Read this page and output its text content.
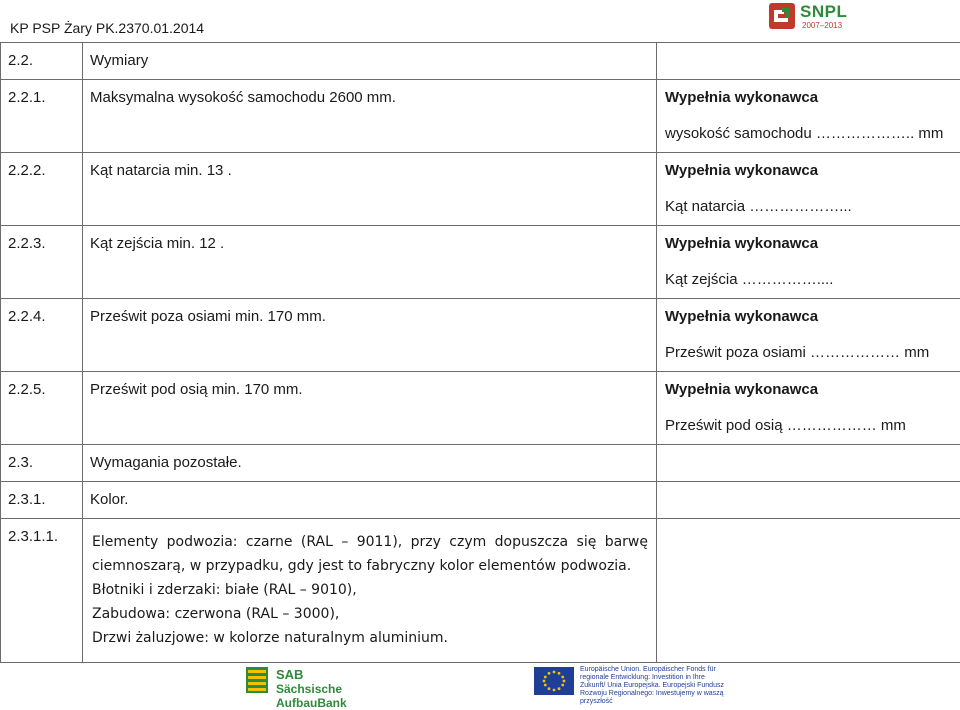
KP PSP Żary PK.2370.01.2014
SNPL
2007–2013
2.2.	Wymiary	

2.2.1.	Maksymalna wysokość samochodu 2600 mm.	Wypełnia wykonawca
wysokość samochodu ……………….. mm

2.2.2.	Kąt natarcia min. 13 .	Wypełnia wykonawca
Kąt natarcia ………………...

2.2.3.	Kąt zejścia min. 12 .	Wypełnia wykonawca
Kąt zejścia ……………....

2.2.4.	Prześwit poza osiami min. 170 mm.	Wypełnia wykonawca
Prześwit poza osiami ……………… mm

2.2.5.	Prześwit pod osią min. 170 mm.	Wypełnia wykonawca
Prześwit pod osią ……………… mm

2.3.	Wymagania pozostałe.	

2.3.1.	Kolor.	

2.3.1.1.	Elementy podwozia: czarne (RAL – 9011), przy czym dopuszcza się barwę ciemnoszarą, w przypadku, gdy jest to fabryczny kolor elementów podwozia.
Błotniki i zderzaki: białe (RAL – 9010),
Zabudowa: czerwona (RAL – 3000),
Drzwi żaluzjowe: w kolorze naturalnym aluminium.	

SAB
Sächsische AufbauBank
Europäische Union. Europäischer Fonds für regionale Entwicklung: Investition in Ihre Zukunft/ Unia Europejska. Europejski Fundusz Rozwoju Regionalnego: Inwestujemy w waszą przyszłość
